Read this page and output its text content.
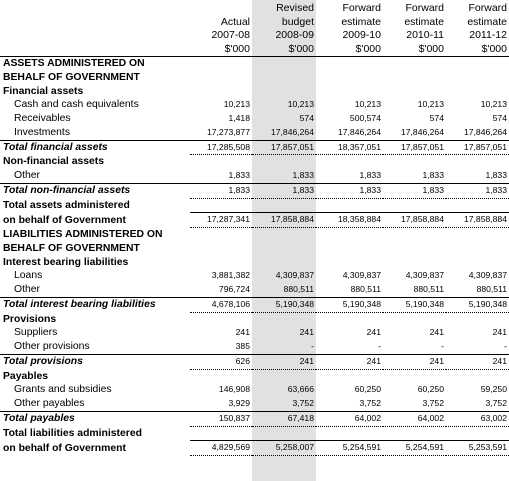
		Revised	Forward	Forward	Forward
	Actual	budget	estimate	estimate	estimate
	2007-08	2008-09	2009-10	2010-11	2011-12
	$'000	$'000	$'000	$'000	$'000
ASSETS ADMINISTERED ON					
BEHALF OF GOVERNMENT					
Financial assets					
Cash and cash equivalents	10,213	10,213	10,213	10,213	10,213
Receivables	1,418	574	500,574	574	574
Investments	17,273,877	17,846,264	17,846,264	17,846,264	17,846,264
Total financial assets	17,285,508	17,857,051	18,357,051	17,857,051	17,857,051
Non-financial assets					
Other	1,833	1,833	1,833	1,833	1,833
Total non-financial assets	1,833	1,833	1,833	1,833	1,833
Total assets administered					
on behalf of Government	17,287,341	17,858,884	18,358,884	17,858,884	17,858,884
LIABILITIES ADMINISTERED ON					
BEHALF OF GOVERNMENT					
Interest bearing liabilities					
Loans	3,881,382	4,309,837	4,309,837	4,309,837	4,309,837
Other	796,724	880,511	880,511	880,511	880,511
Total interest bearing liabilities	4,678,106	5,190,348	5,190,348	5,190,348	5,190,348
Provisions					
Suppliers	241	241	241	241	241
Other provisions	385	-	-	-	-
Total provisions	626	241	241	241	241
Payables					
Grants and subsidies	146,908	63,666	60,250	60,250	59,250
Other payables	3,929	3,752	3,752	3,752	3,752
Total payables	150,837	67,418	64,002	64,002	63,002
Total liabilities administered					
on behalf of Government	4,829,569	5,258,007	5,254,591	5,254,591	5,253,591
